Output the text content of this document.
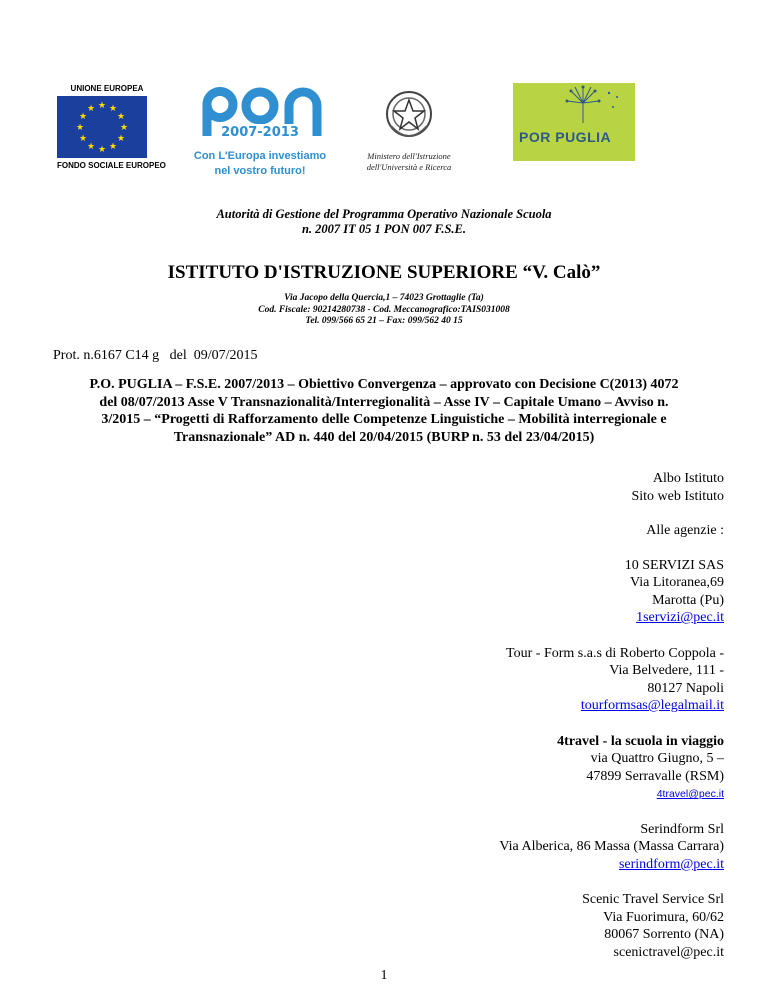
UNIONE EUROPEA
★ ★
★
★
★
★
★
★
★
★
★
★
FONDO SOCIALE EUROPEO
2007-2013
Con L'Europa investiamo
nel vostro futuro!
Ministero dell'Istruzione
dell'Università e Ricerca
POR PUGLIA
Autorità di Gestione del Programma Operativo Nazionale Scuola
n. 2007 IT 05 1 PON 007 F.S.E.
ISTITUTO D'ISTRUZIONE SUPERIORE “V. Calò”
Via Jacopo della Quercia,1 – 74023 Grottaglie (Ta)
Cod. Fiscale: 90214280738 - Cod. Meccanografico:TAIS031008
Tel. 099/566 65 21 – Fax: 099/562 40 15
Prot. n.6167 C14 g   del  09/07/2015
P.O. PUGLIA – F.S.E. 2007/2013 – Obiettivo Convergenza – approvato con Decisione C(2013) 4072
del 08/07/2013 Asse V Transnazionalità/Interregionalità – Asse IV – Capitale Umano – Avviso n.
3/2015 – “Progetti di Rafforzamento delle Competenze Linguistiche – Mobilità interregionale e
Transnazionale” AD n. 440 del 20/04/2015 (BURP n. 53 del 23/04/2015)
Albo Istituto
Sito web Istituto
Alle agenzie :
10 SERVIZI SAS
Via Litoranea,69
Marotta (Pu)
1servizi@pec.it
Tour - Form s.a.s di Roberto Coppola -
Via Belvedere, 111 -
80127 Napoli
tourformsas@legalmail.it
4travel - la scuola in viaggio
via Quattro Giugno, 5 –
47899 Serravalle (RSM)
4travel@pec.it
Serindform Srl
Via Alberica, 86 Massa (Massa Carrara)
serindform@pec.it
Scenic Travel Service Srl
Via Fuorimura, 60/62
80067 Sorrento (NA)
scenictravel@pec.it
1
